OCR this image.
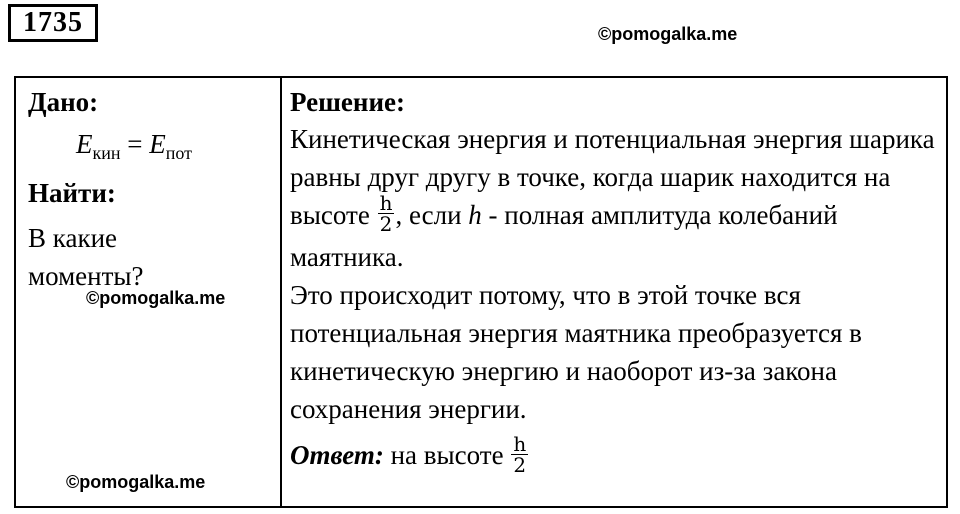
1735	©pomogalka.me
Дано:
$E_{кин} = E_{пот}$
Найти:
В какие
моменты?
Решение:

Кинетическая энергия и потенциальная энергия шарика равны друг другу в точке, когда шарик находится на высоте $\frac{h}{2}$ , если h - полная амплитуда колебаний маятника.

Это происходит потому, что в этой точке вся потенциальная энергия маятника преобразуется в кинетическую энергию и наоборот из-за закона сохранения энергии.

Ответ: на высоте $\frac{h}{2}$
©pomogalka.me
©pomogalka.me
